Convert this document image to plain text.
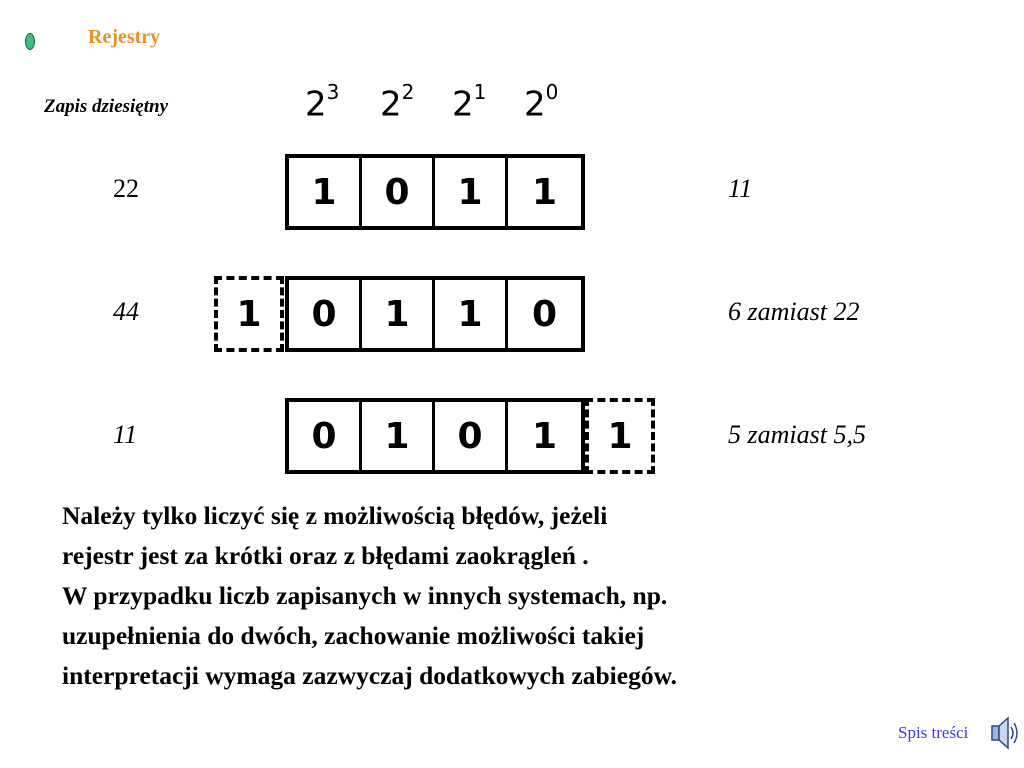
Rejestry
Zapis dziesiętny	$2^3$ $2^2$ $2^1$ $2^0$
22	1	0	1	1	11
44	1	0	1	1	0	6 zamiast 22
11	0	1	0	1	1	5 zamiast 5,5
Należy tylko liczyć się z możliwością błędów, jeżeli
rejestr jest za krótki oraz z błędami zaokrągleń .
W przypadku liczb zapisanych w innych systemach, np.
uzupełnienia do dwóch, zachowanie możliwości takiej
interpretacji wymaga zazwyczaj dodatkowych zabiegów.
Spis treści
